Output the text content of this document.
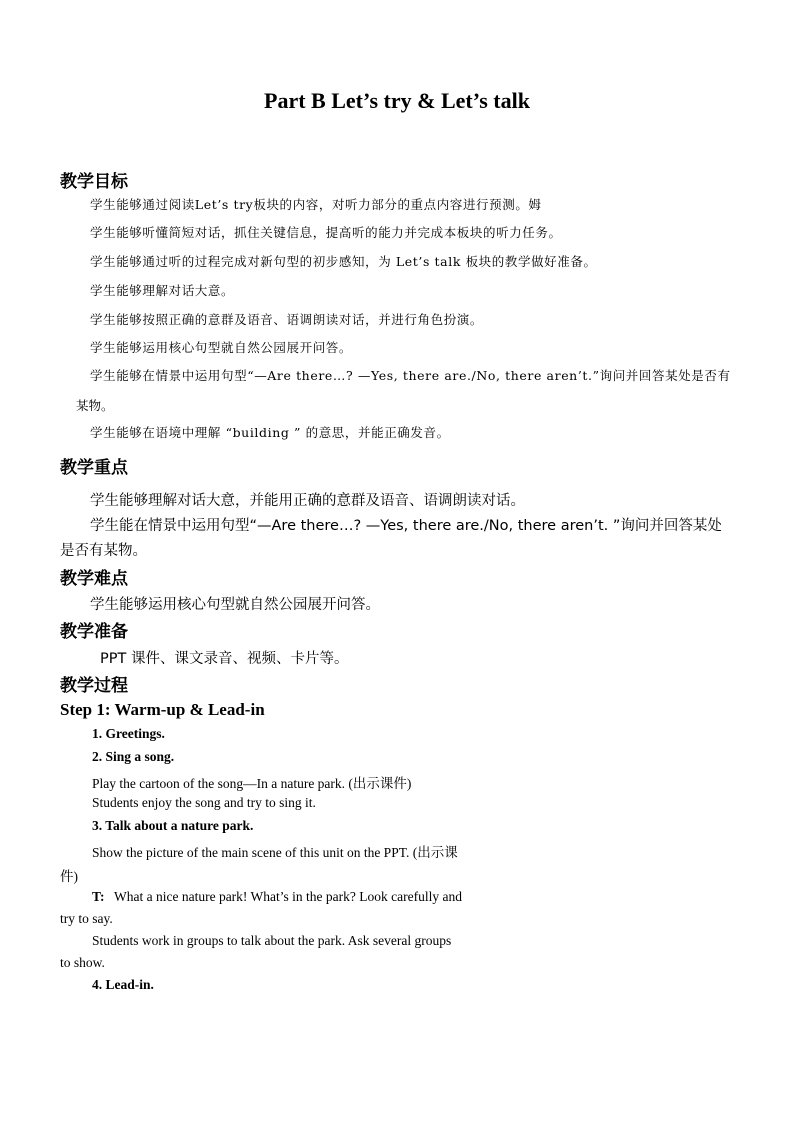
Part B Let’s try & Let’s talk
教学目标
学生能够通过阅读Let’s try板块的内容，对听力部分的重点内容进行预测。姆
学生能够听懂简短对话，抓住关键信息，提高听的能力并完成本板块的听力任务。
学生能够通过听的过程完成对新句型的初步感知，为 Let’s talk 板块的教学做好准备。
学生能够理解对话大意。
学生能够按照正确的意群及语音、语调朗读对话，并进行角色扮演。
学生能够运用核心句型就自然公园展开问答。
学生能够在情景中运用句型“—Are there…? —Yes, there are./No, there aren’t.”询问并回答某处是否有
某物。
学生能够在语境中理解 “building ” 的意思，并能正确发音。
教学重点
学生能够理解对话大意，并能用正确的意群及语音、语调朗读对话。
学生能在情景中运用句型“—Are there…? —Yes, there are./No, there aren’t. ”询问并回答某处
是否有某物。
教学难点
学生能够运用核心句型就自然公园展开问答。
教学准备
PPT 课件、课文录音、视频、卡片等。
教学过程
Step 1: Warm-up & Lead-in
1. Greetings.
2. Sing a song.
Play the cartoon of the song—In a nature park. (出示课件)
Students enjoy the song and try to sing it.
3. Talk about a nature park.
Show the picture of the main scene of this unit on the PPT. (出示课
件)
T: What a nice nature park! What’s in the park? Look carefully and
try to say.
Students work in groups to talk about the park. Ask several groups
to show.
4. Lead-in.
